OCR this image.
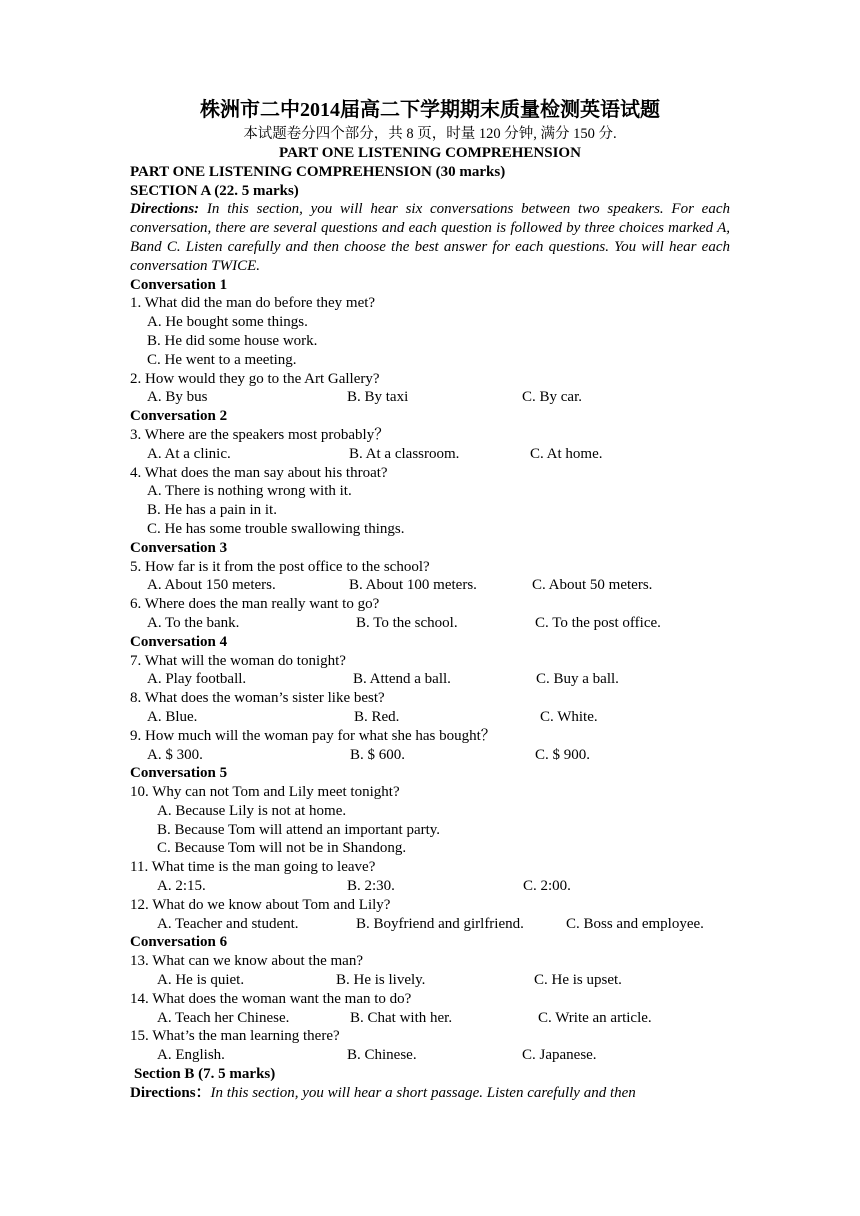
株洲市二中2014届高二下学期期末质量检测英语试题
本试题卷分四个部分，共 8 页，时量 120 分钟, 满分 150 分.
PART ONE LISTENING COMPREHENSION
PART ONE LISTENING COMPREHENSION (30 marks)
SECTION A (22. 5 marks)
Directions: In this section, you will hear six conversations between two speakers. For each conversation, there are several questions and each question is followed by three choices marked A, Band C. Listen carefully and then choose the best answer for each questions. You will hear each conversation TWICE.
Conversation 1
1. What did the man do before they met?
A. He bought some things.
B. He did some house work.
C. He went to a meeting.
2. How would they go to the Art Gallery?
A. By bus	B. By taxi	C. By car.
Conversation 2
3. Where are the speakers most probably？
A. At a clinic.	B. At a classroom.	C. At home.
4. What does the man say about his throat?
A. There is nothing wrong with it.
B. He has a pain in it.
C. He has some trouble swallowing things.
Conversation 3
5. How far is it from the post office to the school?
A. About 150 meters.	B. About 100 meters.	C. About 50 meters.
6. Where does the man really want to go?
A. To the bank.	B. To the school.	C. To the post office.
Conversation 4
7. What will the woman do tonight?
A. Play football.	B. Attend a ball.	C. Buy a ball.
8. What does the woman’s sister like best?
A. Blue.	B. Red.	C. White.
9. How much will the woman pay for what she has bought？
A. $ 300.	B. $ 600.	C. $ 900.
Conversation 5
10. Why can not Tom and Lily meet tonight?
A. Because Lily is not at home.
B. Because Tom will attend an important party.
C. Because Tom will not be in Shandong.
11. What time is the man going to leave?
A. 2:15.	B. 2:30.	C. 2:00.
12. What do we know about Tom and Lily?
A. Teacher and student.	B. Boyfriend and girlfriend.	C. Boss and employee.
Conversation 6
13. What can we know about the man?
A. He is quiet.	B. He is lively.	C. He is upset.
14. What does the woman want the man to do?
A. Teach her Chinese.	B. Chat with her.	C. Write an article.
15. What’s the man learning there?
A. English.	B. Chinese.	C. Japanese.
Section B (7. 5 marks)
Directions：In this section, you will hear a short passage. Listen carefully and then
